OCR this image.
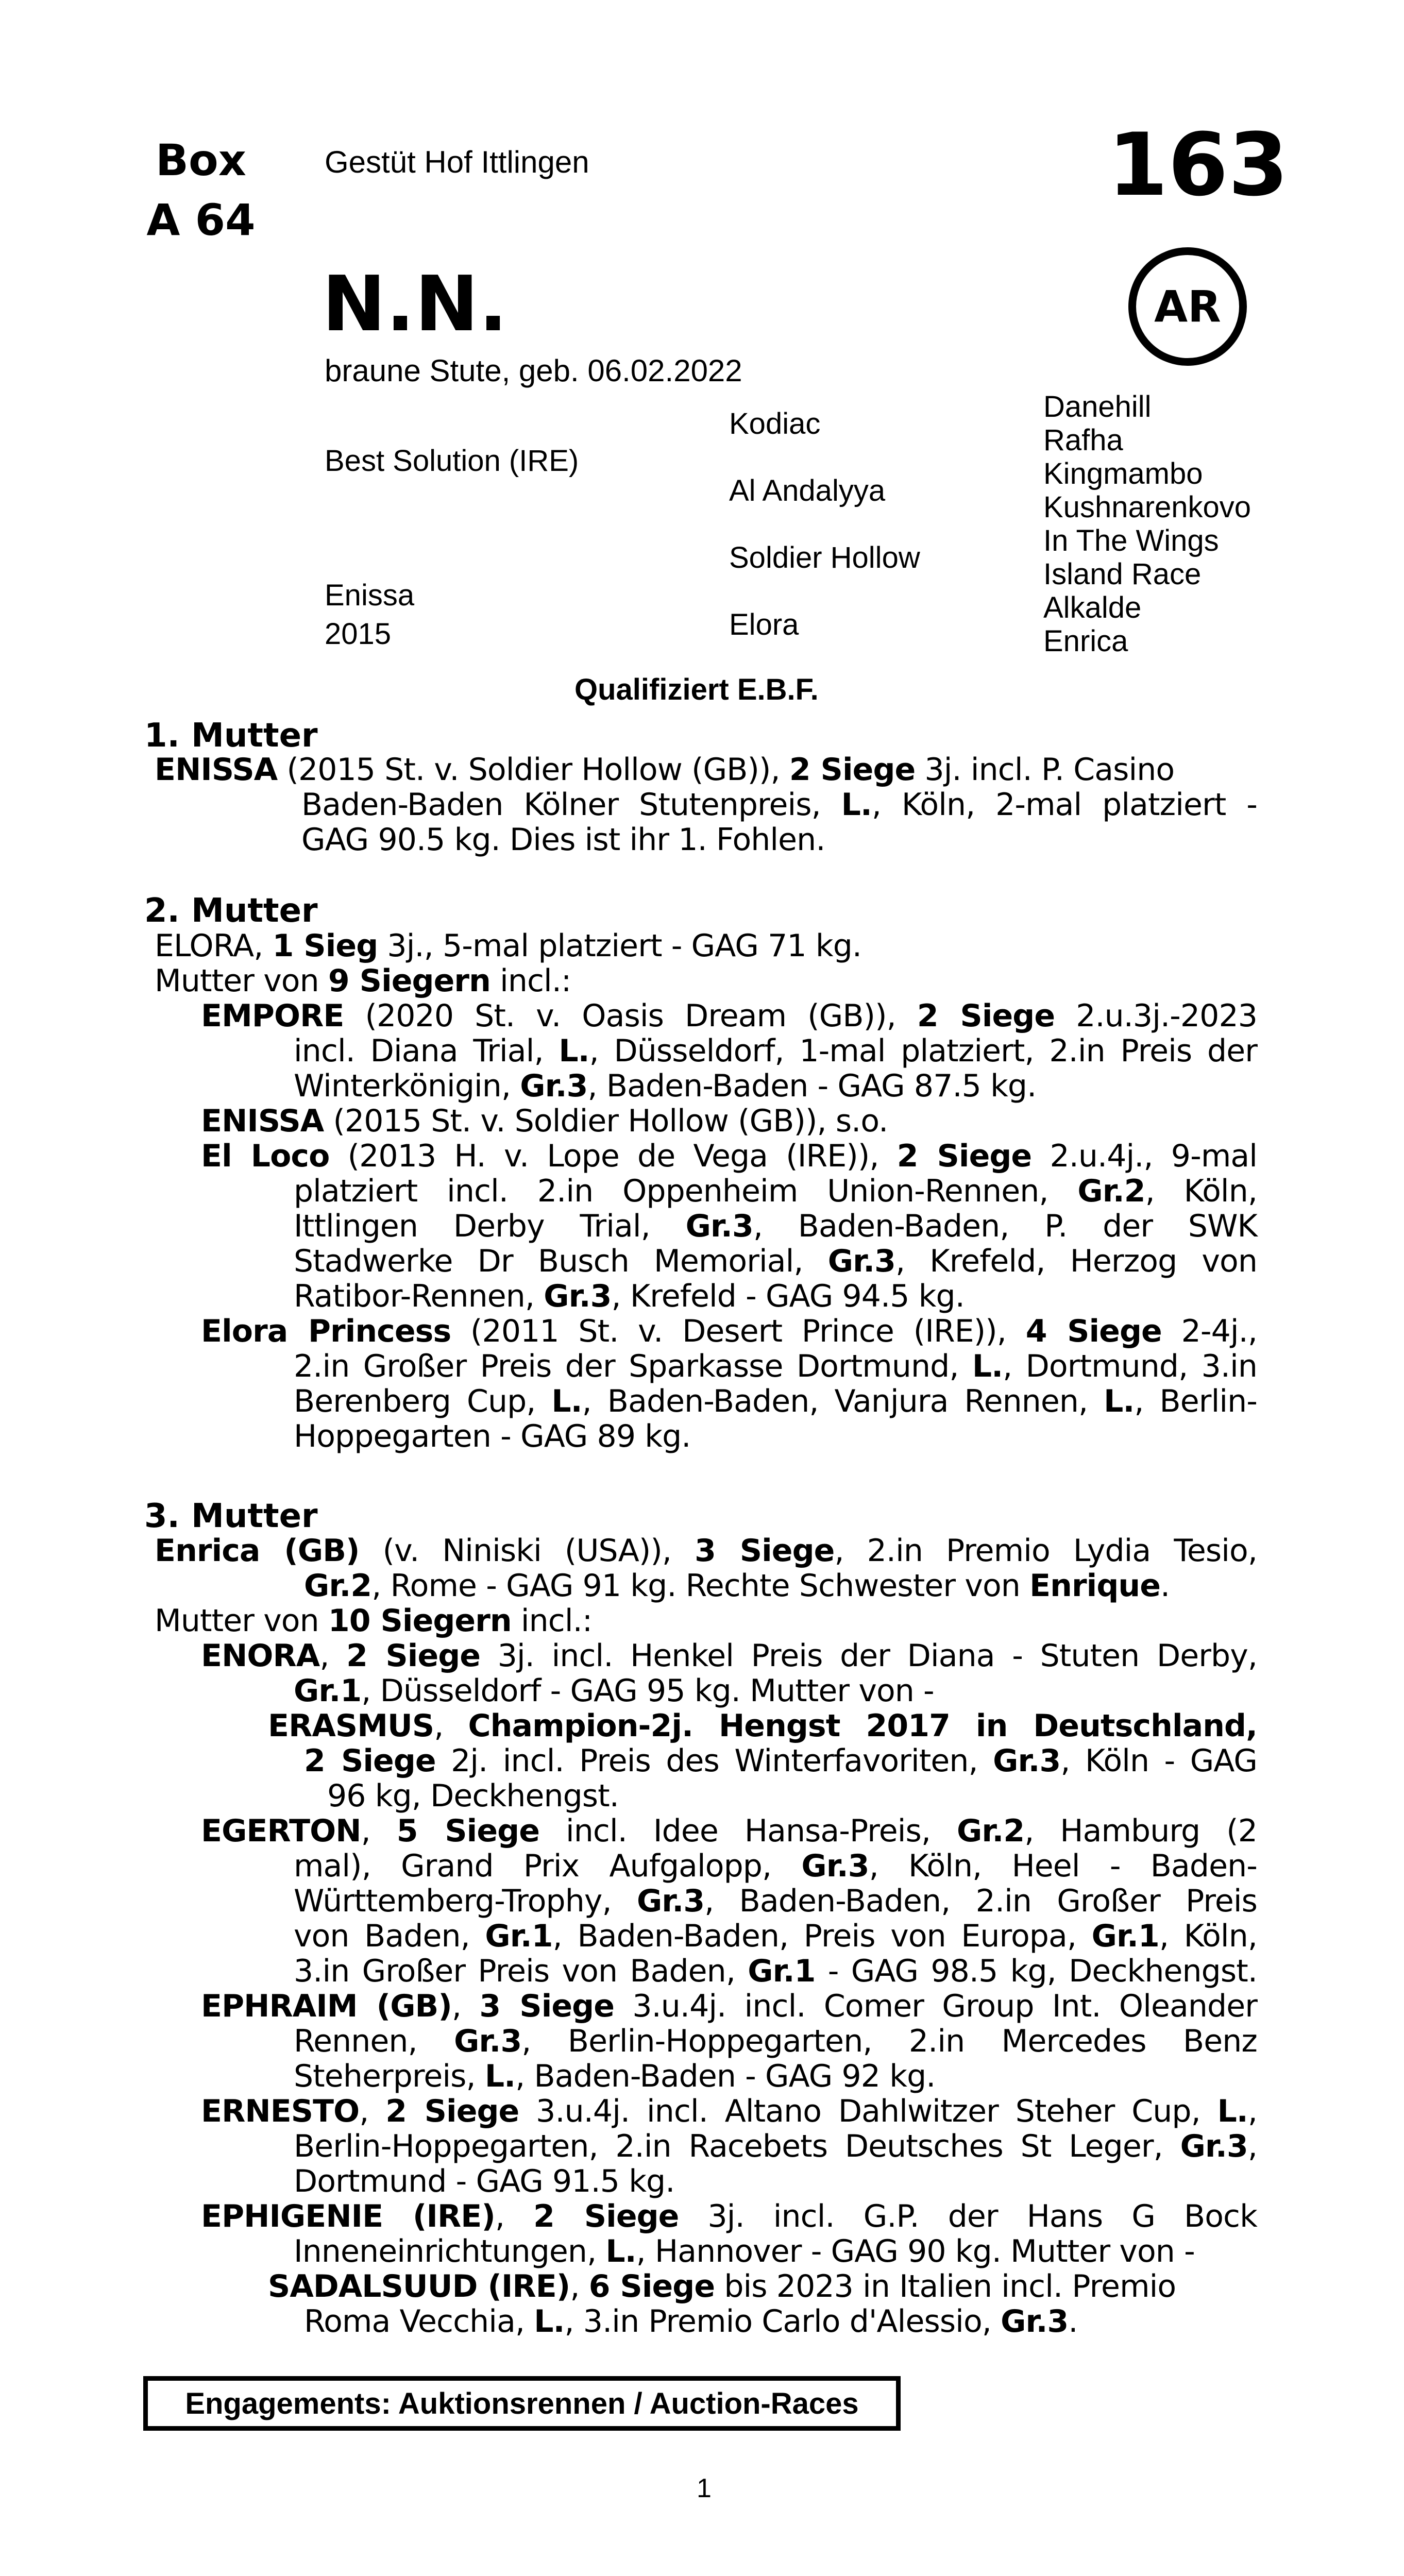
Box
A 64
Gestüt Hof Ittlingen	163
AR
N.N.
braune Stute, geb. 06.02.2022
Best Solution (IRE)
Enissa
2015
Kodiac
Al Andalyya
Soldier Hollow
Elora
Danehill
Rafha
Kingmambo
Kushnarenkovo
In The Wings
Island Race
Alkalde
Enrica
Qualifiziert E.B.F.
1. Mutter
ENISSA (2015 St. v. Soldier Hollow (GB)), 2 Siege 3j. incl. P. Casino
Baden-Baden Kölner Stutenpreis, L., Köln, 2-mal platziert -
GAG 90.5 kg. Dies ist ihr 1. Fohlen.
2. Mutter
ELORA, 1 Sieg 3j., 5-mal platziert - GAG 71 kg.
Mutter von 9 Siegern incl.:
EMPORE (2020 St. v. Oasis Dream (GB)), 2 Siege 2.u.3j.-2023
incl. Diana Trial, L., Düsseldorf, 1-mal platziert, 2.in Preis der
Winterkönigin, Gr.3, Baden-Baden - GAG 87.5 kg.
ENISSA (2015 St. v. Soldier Hollow (GB)), s.o.
El Loco (2013 H. v. Lope de Vega (IRE)), 2 Siege 2.u.4j., 9-mal
platziert incl. 2.in Oppenheim Union-Rennen, Gr.2, Köln,
Ittlingen Derby Trial, Gr.3, Baden-Baden, P. der SWK
Stadwerke Dr Busch Memorial, Gr.3, Krefeld, Herzog von
Ratibor-Rennen, Gr.3, Krefeld - GAG 94.5 kg.
Elora Princess (2011 St. v. Desert Prince (IRE)), 4 Siege 2-4j.,
2.in Großer Preis der Sparkasse Dortmund, L., Dortmund, 3.in
Berenberg Cup, L., Baden-Baden, Vanjura Rennen, L., Berlin-
Hoppegarten - GAG 89 kg.
3. Mutter
Enrica (GB) (v. Niniski (USA)), 3 Siege, 2.in Premio Lydia Tesio,
Gr.2, Rome - GAG 91 kg. Rechte Schwester von Enrique.
Mutter von 10 Siegern incl.:
ENORA, 2 Siege 3j. incl. Henkel Preis der Diana - Stuten Derby,
Gr.1, Düsseldorf - GAG 95 kg. Mutter von -
ERASMUS, Champion-2j. Hengst 2017 in Deutschland,
2 Siege 2j. incl. Preis des Winterfavoriten, Gr.3, Köln - GAG
96 kg, Deckhengst.
EGERTON, 5 Siege incl. Idee Hansa-Preis, Gr.2, Hamburg (2
mal), Grand Prix Aufgalopp, Gr.3, Köln, Heel - Baden-
Württemberg-Trophy, Gr.3, Baden-Baden, 2.in Großer Preis
von Baden, Gr.1, Baden-Baden, Preis von Europa, Gr.1, Köln,
3.in Großer Preis von Baden, Gr.1 - GAG 98.5 kg, Deckhengst.
EPHRAIM (GB), 3 Siege 3.u.4j. incl. Comer Group Int. Oleander
Rennen, Gr.3, Berlin-Hoppegarten, 2.in Mercedes Benz
Steherpreis, L., Baden-Baden - GAG 92 kg.
ERNESTO, 2 Siege 3.u.4j. incl. Altano Dahlwitzer Steher Cup, L.,
Berlin-Hoppegarten, 2.in Racebets Deutsches St Leger, Gr.3,
Dortmund - GAG 91.5 kg.
EPHIGENIE (IRE), 2 Siege 3j. incl. G.P. der Hans G Bock
Inneneinrichtungen, L., Hannover - GAG 90 kg. Mutter von -
SADALSUUD (IRE), 6 Siege bis 2023 in Italien incl. Premio
Roma Vecchia, L., 3.in Premio Carlo d'Alessio, Gr.3.
Engagements: Auktionsrennen / Auction-Races
1
